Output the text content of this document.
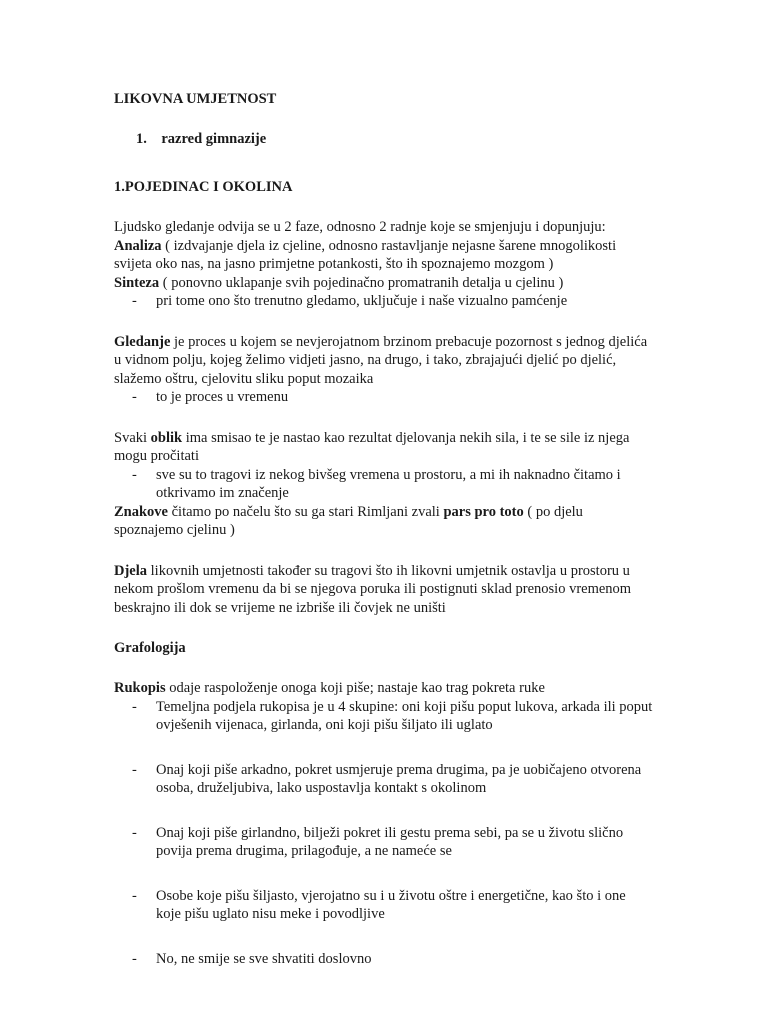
LIKOVNA UMJETNOST

1. razred gimnazije

1.POJEDINAC I OKOLINA

Ljudsko gledanje odvija se u 2 faze, odnosno 2 radnje koje se smjenjuju i dopunjuju:

Analiza ( izdvajanje djela iz cjeline, odnosno rastavljanje nejasne šarene mnogolikosti svijeta oko nas, na jasno primjetne potankosti, što ih spoznajemo mozgom )

Sinteza ( ponovno uklapanje svih pojedinačno promatranih detalja u cjelinu )

- pri tome ono što trenutno gledamo, uključuje i naše vizualno pamćenje

Gledanje je proces u kojem se nevjerojatnom brzinom prebacuje pozornost s jednog djelića u vidnom polju, kojeg želimo vidjeti jasno, na drugo, i tako, zbrajajući djelić po djelić, slažemo oštru, cjelovitu sliku poput mozaika

- to je proces u vremenu

Svaki oblik ima smisao te je nastao kao rezultat djelovanja nekih sila, i te se sile iz njega mogu pročitati

- sve su to tragovi iz nekog bivšeg vremena u prostoru, a mi ih naknadno čitamo i otkrivamo im značenje

Znakove čitamo po načelu što su ga stari Rimljani zvali pars pro toto ( po djelu spoznajemo cjelinu )

Djela likovnih umjetnosti također su tragovi što ih likovni umjetnik ostavlja u prostoru u nekom prošlom vremenu da bi se njegova poruka ili postignuti sklad prenosio vremenom beskrajno ili dok se vrijeme ne izbriše ili čovjek ne uništi

Grafologija

Rukopis odaje raspoloženje onoga koji piše; nastaje kao trag pokreta ruke

- Temeljna podjela rukopisa je u 4 skupine: oni koji pišu poput lukova, arkada ili poput ovješenih vijenaca, girlanda, oni koji pišu šiljato ili uglato

- Onaj koji piše arkadno, pokret usmjeruje prema drugima, pa je uobičajeno otvorena osoba, druželjubiva, lako uspostavlja kontakt s okolinom

- Onaj koji piše girlandno, bilježi pokret ili gestu prema sebi, pa se u životu slično povija prema drugima, prilagođuje, a ne nameće se

- Osobe koje pišu šiljasto, vjerojatno su i u životu oštre i energetične, kao što i one koje pišu uglato nisu meke i povodljive

- No, ne smije se sve shvatiti doslovno
